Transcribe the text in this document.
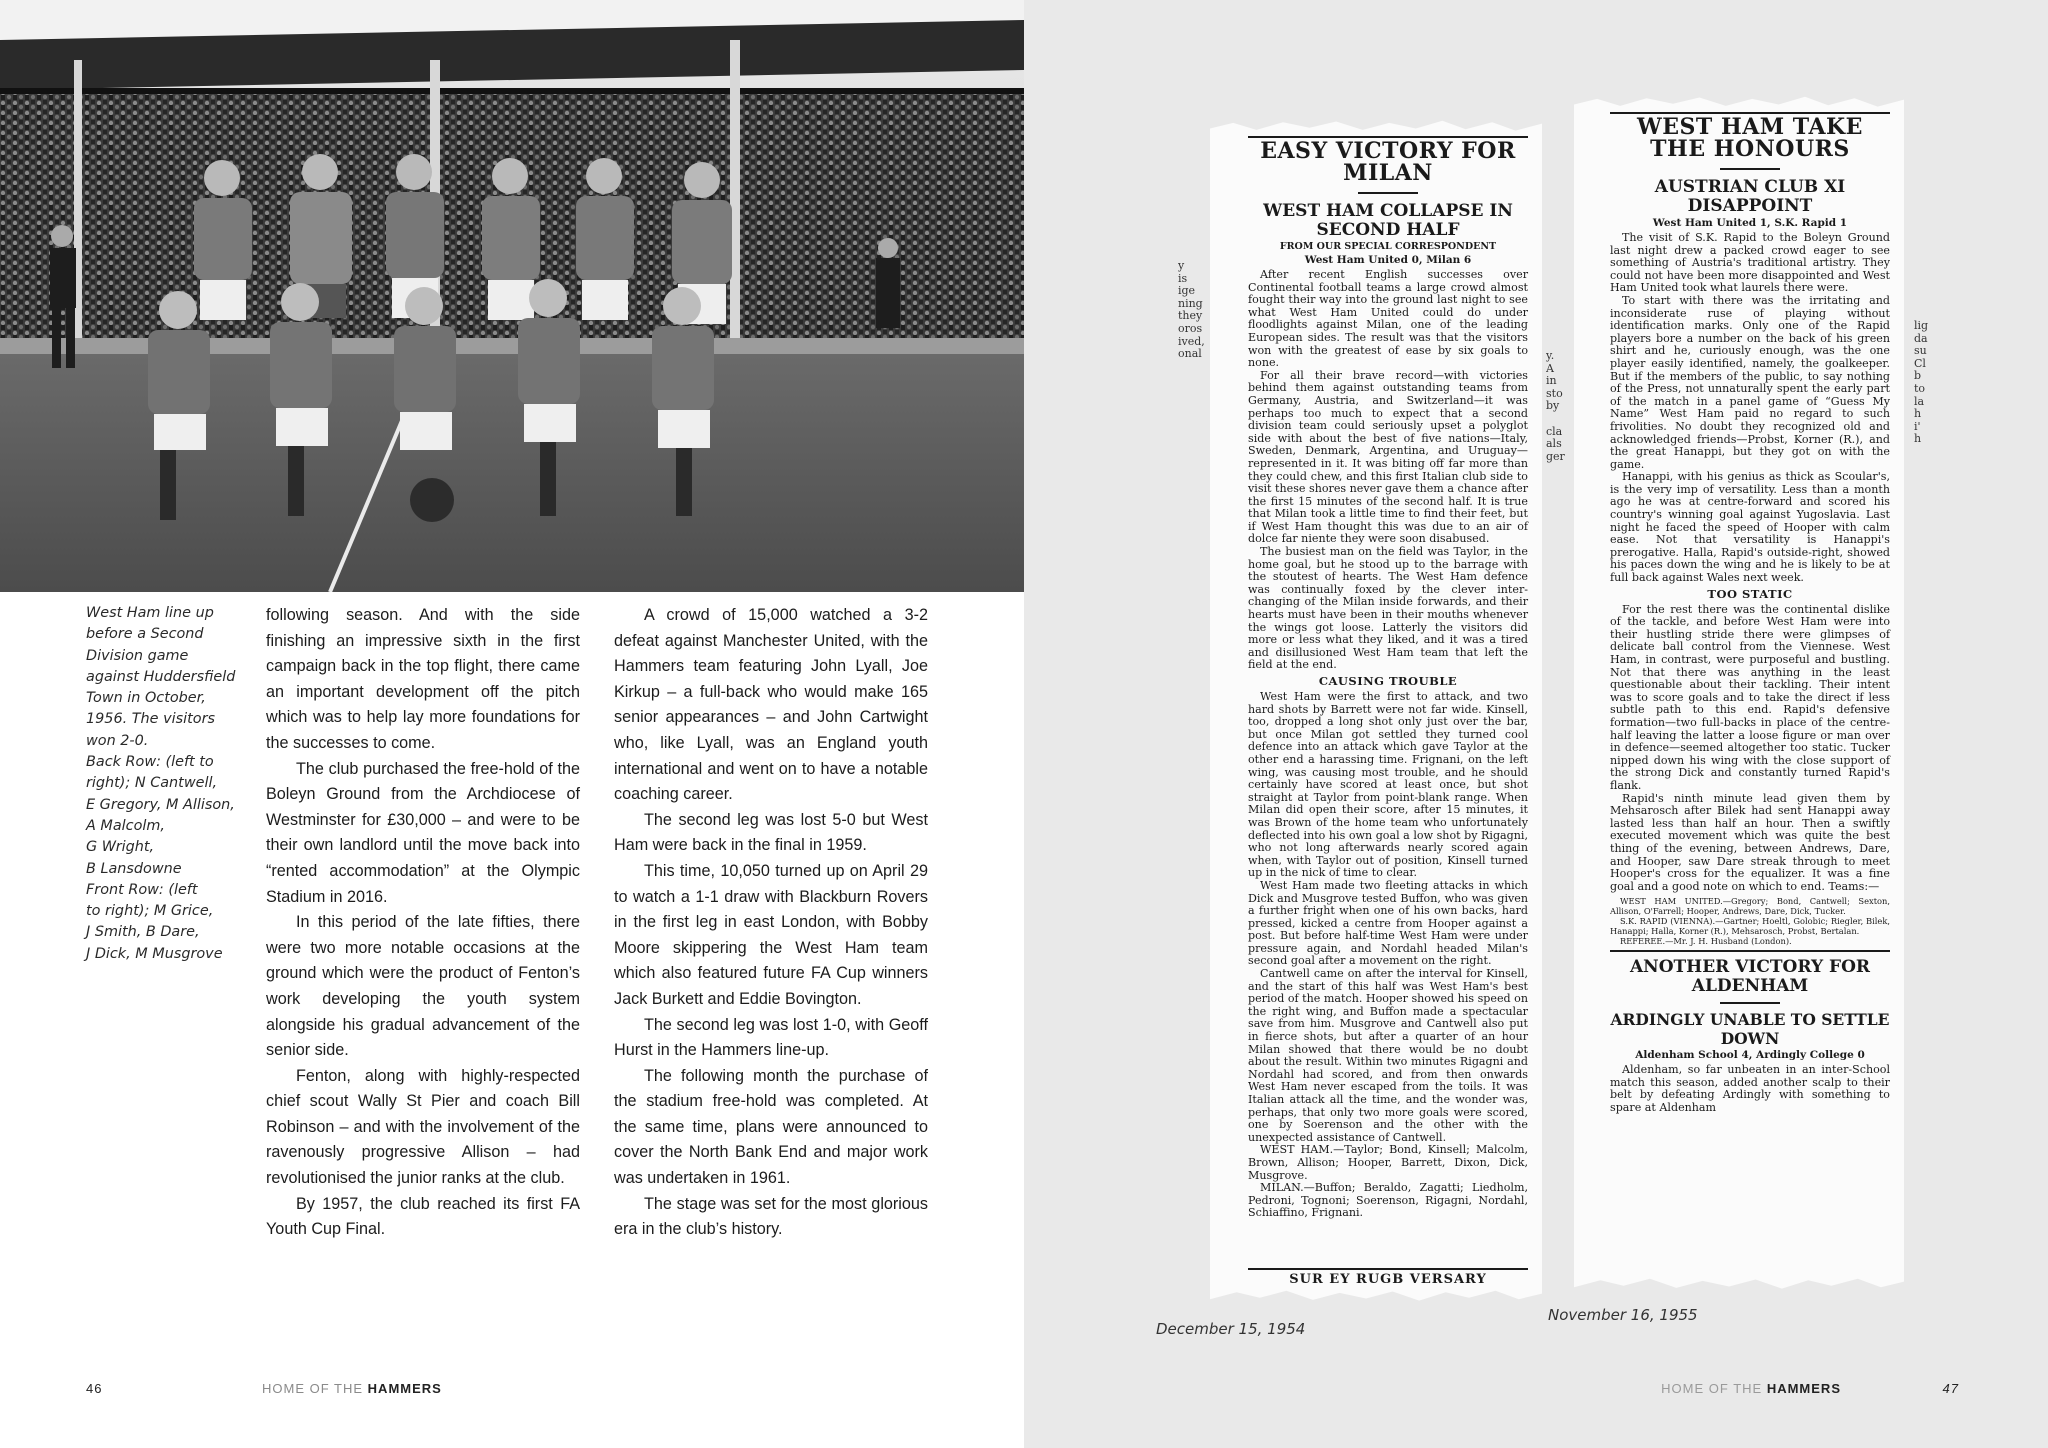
West Ham line up

before a Second

Division game

against Huddersfield

Town in October,

1956. The visitors

won 2-0.

Back Row: (left to

right); N Cantwell,

E Gregory, M Allison,

A Malcolm,

G Wright,

B Lansdowne

Front Row: (left

to right); M Grice,

J Smith, B Dare,

J Dick, M Musgrove

following season. And with the side finishing an impressive sixth in the first campaign back in the top flight, there came an important development off the pitch which was to help lay more foundations for the successes to come.

The club purchased the free-hold of the Boleyn Ground from the Archdiocese of Westminster for £30,000 – and were to be their own landlord until the move back into “rented accommodation” at the Olympic Stadium in 2016.

In this period of the late fifties, there were two more notable occasions at the ground which were the product of Fenton’s work developing the youth system alongside his gradual advancement of the senior side.

Fenton, along with highly-respected chief scout Wally St Pier and coach Bill Robinson – and with the involvement of the ravenously progressive Allison – had revolutionised the junior ranks at the club.

By 1957, the club reached its first FA Youth Cup Final.

A crowd of 15,000 watched a 3-2 defeat against Manchester United, with the Hammers team featuring John Lyall, Joe Kirkup – a full-back who would make 165 senior appearances – and John Cartwight who, like Lyall, was an England youth international and went on to have a notable coaching career.

The second leg was lost 5-0 but West Ham were back in the final in 1959.

This time, 10,050 turned up on April 29 to watch a 1-1 draw with Blackburn Rovers in the first leg in east London, with Bobby Moore skippering the West Ham team which also featured future FA Cup winners Jack Burkett and Eddie Bovington.

The second leg was lost 1-0, with Geoff Hurst in the Hammers line-up.

The following month the purchase of the stadium free-hold was completed. At the same time, plans were announced to cover the North Bank End and major work was undertaken in 1961.

The stage was set for the most glorious era in the club’s history.

46	HOME OF THE HAMMERS
y
is
ige
ning
they
oros
ived,
onal
EASY VICTORY FOR MILAN
WEST HAM COLLAPSE IN SECOND HALF
FROM OUR SPECIAL CORRESPONDENT
West Ham United 0, Milan 6

After recent English successes over Continental football teams a large crowd almost fought their way into the ground last night to see what West Ham United could do under floodlights against Milan, one of the leading European sides. The result was that the visitors won with the greatest of ease by six goals to none.

For all their brave record—with victories behind them against outstanding teams from Germany, Austria, and Switzerland—it was perhaps too much to expect that a second division team could seriously upset a polyglot side with about the best of five nations—Italy, Sweden, Denmark, Argentina, and Uruguay—represented in it. It was biting off far more than they could chew, and this first Italian club side to visit these shores never gave them a chance after the first 15 minutes of the second half. It is true that Milan took a little time to find their feet, but if West Ham thought this was due to an air of dolce far niente they were soon disabused.

The busiest man on the field was Taylor, in the home goal, but he stood up to the barrage with the stoutest of hearts. The West Ham defence was continually foxed by the clever inter-changing of the Milan inside forwards, and their hearts must have been in their mouths whenever the wings got loose. Latterly the visitors did more or less what they liked, and it was a tired and disillusioned West Ham team that left the field at the end.

CAUSING TROUBLE

West Ham were the first to attack, and two hard shots by Barrett were not far wide. Kinsell, too, dropped a long shot only just over the bar, but once Milan got settled they turned cool defence into an attack which gave Taylor at the other end a harassing time. Frignani, on the left wing, was causing most trouble, and he should certainly have scored at least once, but shot straight at Taylor from point-blank range. When Milan did open their score, after 15 minutes, it was Brown of the home team who unfortunately deflected into his own goal a low shot by Rigagni, who not long afterwards nearly scored again when, with Taylor out of position, Kinsell turned up in the nick of time to clear.

West Ham made two fleeting attacks in which Dick and Musgrove tested Buffon, who was given a further fright when one of his own backs, hard pressed, kicked a centre from Hooper against a post. But before half-time West Ham were under pressure again, and Nordahl headed Milan's second goal after a movement on the right.

Cantwell came on after the interval for Kinsell, and the start of this half was West Ham's best period of the match. Hooper showed his speed on the right wing, and Buffon made a spectacular save from him. Musgrove and Cantwell also put in fierce shots, but after a quarter of an hour Milan showed that there would be no doubt about the result. Within two minutes Rigagni and Nordahl had scored, and from then onwards West Ham never escaped from the toils. It was Italian attack all the time, and the wonder was, perhaps, that only two more goals were scored, one by Soerenson and the other with the unexpected assistance of Cantwell.

WEST HAM.—Taylor; Bond, Kinsell; Malcolm, Brown, Allison; Hooper, Barrett, Dixon, Dick, Musgrove.

MILAN.—Buffon; Beraldo, Zagatti; Liedholm, Pedroni, Tognoni; Soerenson, Rigagni, Nordahl, Schiaffino, Frignani.

SUR EY RUGB VERSARY
WEST HAM TAKE THE HONOURS
AUSTRIAN CLUB XI DISAPPOINT
West Ham United 1, S.K. Rapid 1

The visit of S.K. Rapid to the Boleyn Ground last night drew a packed crowd eager to see something of Austria's traditional artistry. They could not have been more disappointed and West Ham United took what laurels there were.

To start with there was the irritating and inconsiderate ruse of playing without identification marks. Only one of the Rapid players bore a number on the back of his green shirt and he, curiously enough, was the one player easily identified, namely, the goalkeeper. But if the members of the public, to say nothing of the Press, not unnaturally spent the early part of the match in a panel game of “Guess My Name” West Ham paid no regard to such frivolities. No doubt they recognized old and acknowledged friends—Probst, Korner (R.), and the great Hanappi, but they got on with the game.

Hanappi, with his genius as thick as Scoular's, is the very imp of versatility. Less than a month ago he was at centre-forward and scored his country's winning goal against Yugoslavia. Last night he faced the speed of Hooper with calm ease. Not that versatility is Hanappi's prerogative. Halla, Rapid's outside-right, showed his paces down the wing and he is likely to be at full back against Wales next week.

TOO STATIC

For the rest there was the continental dislike of the tackle, and before West Ham were into their hustling stride there were glimpses of delicate ball control from the Viennese. West Ham, in contrast, were purposeful and bustling. Not that there was anything in the least questionable about their tackling. Their intent was to score goals and to take the direct if less subtle path to this end. Rapid's defensive formation—two full-backs in place of the centre-half leaving the latter a loose figure or man over in defence—seemed altogether too static. Tucker nipped down his wing with the close support of the strong Dick and constantly turned Rapid's flank.

Rapid's ninth minute lead given them by Mehsarosch after Bilek had sent Hanappi away lasted less than half an hour. Then a swiftly executed movement which was quite the best thing of the evening, between Andrews, Dare, and Hooper, saw Dare streak through to meet Hooper's cross for the equalizer. It was a fine goal and a good note on which to end. Teams:—

WEST HAM UNITED.—Gregory; Bond, Cantwell; Sexton, Allison, O'Farrell; Hooper, Andrews, Dare, Dick, Tucker.

S.K. RAPID (VIENNA).—Gartner; Hoeltl, Golobic; Riegler, Bilek, Hanappi; Halla, Korner (R.), Mehsarosch, Probst, Bertalan.

REFEREE.—Mr. J. H. Husband (London).

ANOTHER VICTORY FOR ALDENHAM
ARDINGLY UNABLE TO SETTLE DOWN
Aldenham School 4, Ardingly College 0

Aldenham, so far unbeaten in an inter-School match this season, added another scalp to their belt by defeating Ardingly with something to spare at Aldenham

y.
A
in
sto
by

cla
als
ger
lig
da
su
Cl
b
to
la
h
i'
h
December 15, 1954
November 16, 1955
HOME OF THE HAMMERS	47
